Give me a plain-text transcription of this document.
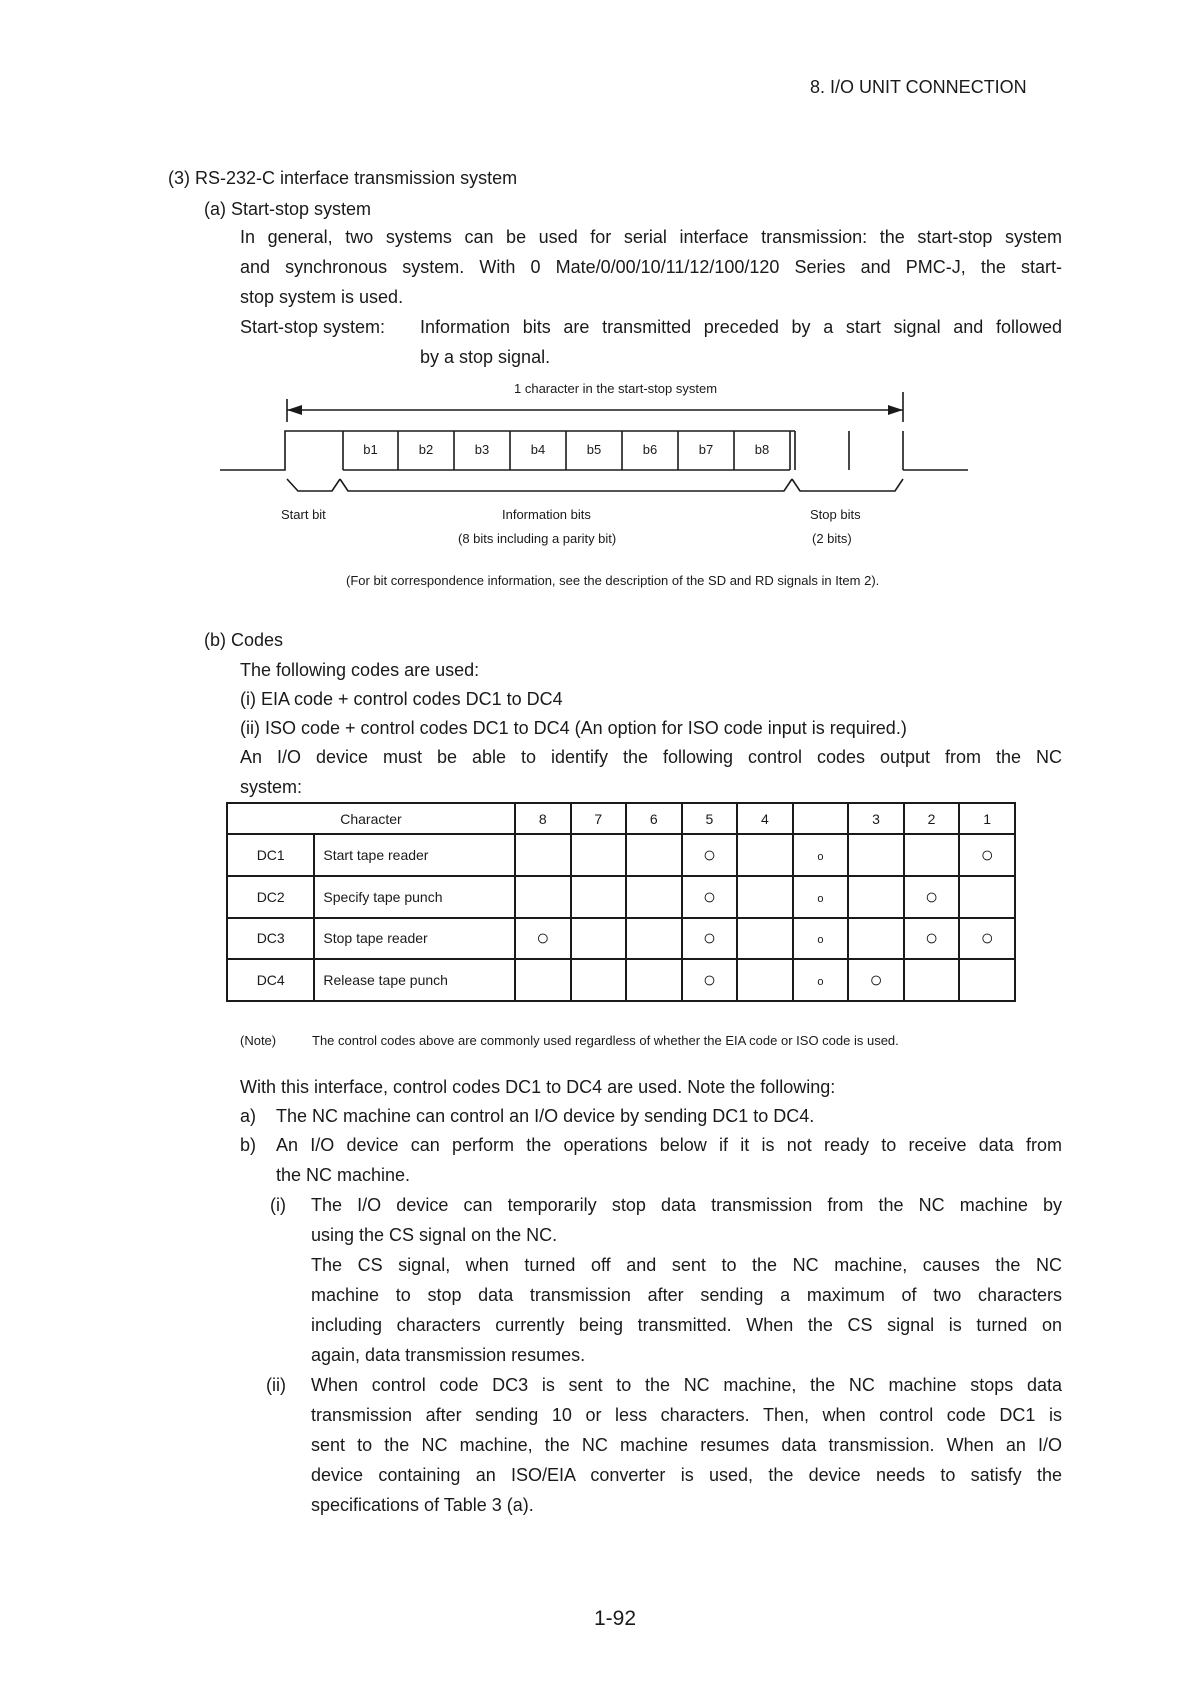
8. I/O UNIT CONNECTION
(3) RS-232-C interface transmission system
(a) Start-stop system
In general, two systems can be used for serial interface transmission: the start-stop system
and synchronous system. With 0 Mate/0/00/10/11/12/100/120 Series and PMC-J, the start-
stop system is used.
Start-stop system: Information bits are transmitted preceded by a start signal and followed
by a stop signal.
1 character in the start-stop system
b1	b2	b3	b4	b5	b6	b7	b8
Start bit	Information bits
(8 bits including a parity bit)
Stop bits
(2 bits)
(For bit correspondence information, see the description of the SD and RD signals in Item 2).
(b) Codes
The following codes are used:
(i) EIA code + control codes DC1 to DC4
(ii) ISO code + control codes DC1 to DC4 (An option for ISO code input is required.)
An I/O device must be able to identify the following control codes output from the NC
system:
Character		8	7	6	5	4		3	2	1
DC1	Start tape reader				○		o			○
DC2	Specify tape punch				○		o		○	
DC3	Stop tape reader	○			○		o		○	○
DC4	Release tape punch				○		o	○		
(Note)	The control codes above are commonly used regardless of whether the EIA code or ISO code is used.
With this interface, control codes DC1 to DC4 are used. Note the following:
a) The NC machine can control an I/O device by sending DC1 to DC4.
b) An I/O device can perform the operations below if it is not ready to receive data from
the NC machine.
(i) The I/O device can temporarily stop data transmission from the NC machine by
using the CS signal on the NC.
The CS signal, when turned off and sent to the NC machine, causes the NC
machine to stop data transmission after sending a maximum of two characters
including characters currently being transmitted. When the CS signal is turned on
again, data transmission resumes.
(ii) When control code DC3 is sent to the NC machine, the NC machine stops data
transmission after sending 10 or less characters. Then, when control code DC1 is
sent to the NC machine, the NC machine resumes data transmission. When an I/O
device containing an ISO/EIA converter is used, the device needs to satisfy the
specifications of Table 3 (a).
1-92
